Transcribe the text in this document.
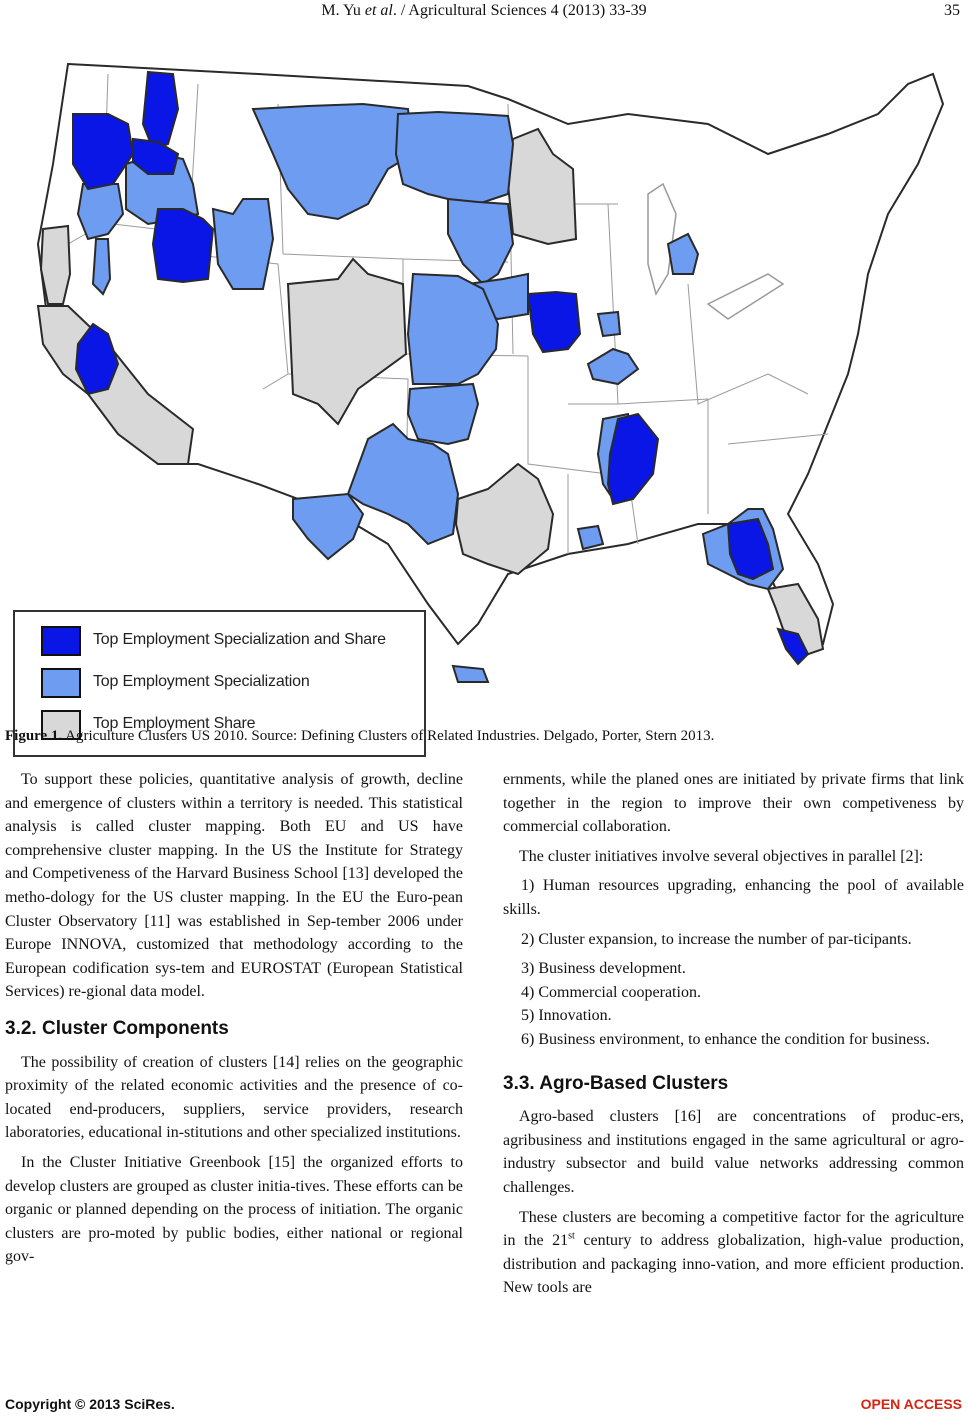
M. Yu et al. / Agricultural Sciences 4 (2013) 33-39	35
Top Employment Specialization and Share
Top Employment Specialization
Top Employment Share
Figure 1. Agriculture Clusters US 2010. Source: Defining Clusters of Related Industries. Delgado, Porter, Stern 2013.

To support these policies, quantitative analysis of growth, decline and emergence of clusters within a territory is needed. This statistical analysis is called cluster mapping. Both EU and US have comprehensive cluster mapping. In the US the Institute for Strategy and Competiveness of the Harvard Business School [13] developed the metho-dology for the US cluster mapping. In the EU the Euro-pean Cluster Observatory [11] was established in Sep-tember 2006 under Europe INNOVA, customized that methodology according to the European codification sys-tem and EUROSTAT (European Statistical Services) re-gional data model.

3.2. Cluster Components

The possibility of creation of clusters [14] relies on the geographic proximity of the related economic activities and the presence of co-located end-producers, suppliers, service providers, research laboratories, educational in-stitutions and other specialized institutions.

In the Cluster Initiative Greenbook [15] the organized efforts to develop clusters are grouped as cluster initia-tives. These efforts can be organic or planned depending on the process of initiation. The organic clusters are pro-moted by public bodies, either national or regional gov-

ernments, while the planed ones are initiated by private firms that link together in the region to improve their own competiveness by commercial collaboration.

The cluster initiatives involve several objectives in parallel [2]:

1) Human resources upgrading, enhancing the pool of available skills.

2) Cluster expansion, to increase the number of par-ticipants.

3) Business development.

4) Commercial cooperation.

5) Innovation.

6) Business environment, to enhance the condition for business.

3.3. Agro-Based Clusters

Agro-based clusters [16] are concentrations of produc-ers, agribusiness and institutions engaged in the same agricultural or agro-industry subsector and build value networks addressing common challenges.

These clusters are becoming a competitive factor for the agriculture in the 21st century to address globalization, high-value production, distribution and packaging inno-vation, and more efficient production. New tools are

Copyright © 2013 SciRes.	OPEN ACCESS
